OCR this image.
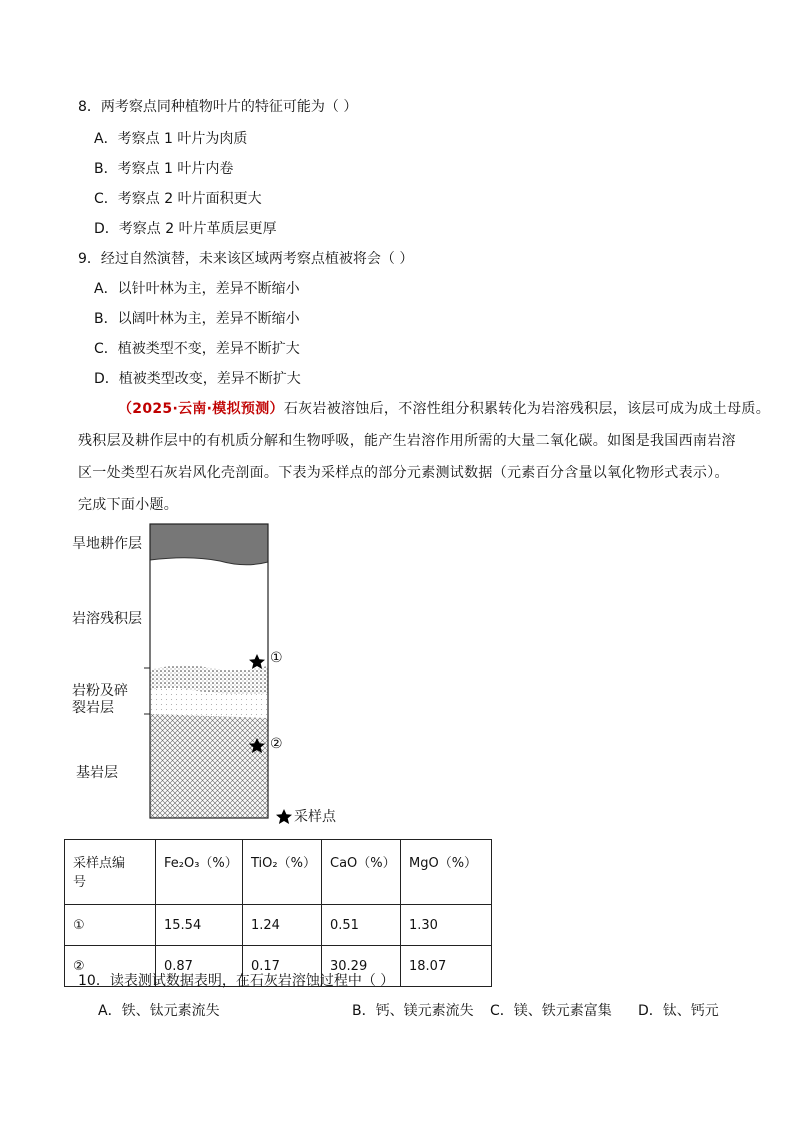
8．两考察点同种植物叶片的特征可能为（ ）
A．考察点 1 叶片为肉质
B．考察点 1 叶片内卷
C．考察点 2 叶片面积更大
D．考察点 2 叶片革质层更厚
9．经过自然演替，未来该区域两考察点植被将会（ ）
A．以针叶林为主，差异不断缩小
B．以阔叶林为主，差异不断缩小
C．植被类型不变，差异不断扩大
D．植被类型改变，差异不断扩大
（2025·云南·模拟预测）石灰岩被溶蚀后，不溶性组分积累转化为岩溶残积层，该层可成为成土母质。
残积层及耕作层中的有机质分解和生物呼吸，能产生岩溶作用所需的大量二氧化碳。如图是我国西南岩溶
区一处类型石灰岩风化壳剖面。下表为采样点的部分元素测试数据（元素百分含量以氧化物形式表示）。
完成下面小题。
旱地耕作层
岩溶残积层
岩粉及碎
裂岩层
基岩层
①
②
采样点
采样点编
号	Fe₂O₃（%）	TiO₂（%）	CaO（%）	MgO（%）
①	15.54	1.24	0.51	1.30
②	0.87	0.17	30.29	18.07
10．读表测试数据表明，在石灰岩溶蚀过程中（ ）
A．铁、钛元素流失	B．钙、镁元素流失 C．镁、铁元素富集 D．钛、钙元
